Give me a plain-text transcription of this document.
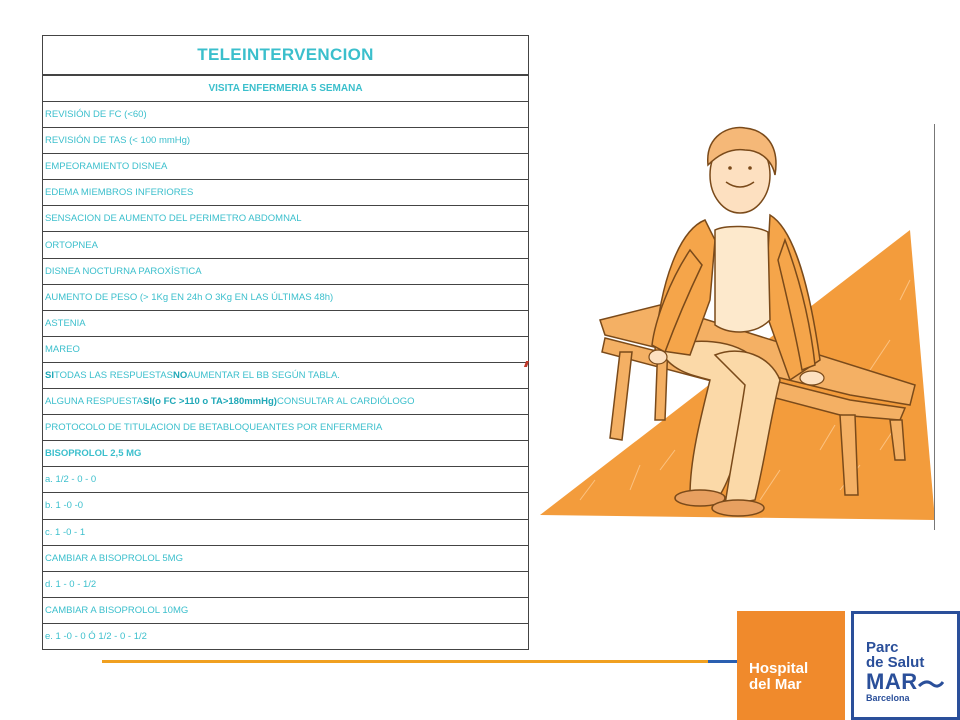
TELEINTERVENCION
VISITA ENFERMERIA 5 SEMANA
REVISIÓN DE FC (<60)
REVISIÓN DE TAS (< 100 mmHg)
EMPEORAMIENTO DISNEA
EDEMA MIEMBROS INFERIORES
SENSACION DE AUMENTO DEL PERIMETRO ABDOMNAL
ORTOPNEA
DISNEA NOCTURNA PAROXÍSTICA
AUMENTO DE PESO (> 1Kg EN 24h O 3Kg EN LAS ÚLTIMAS 48h)
ASTENIA
MAREO
SI TODAS LAS RESPUESTAS NO AUMENTAR EL BB SEGÚN TABLA.
ALGUNA RESPUESTA SI(o FC >110 o TA>180mmHg) CONSULTAR AL CARDIÓLOGO
PROTOCOLO DE TITULACION DE BETABLOQUEANTES POR ENFERMERIA
BISOPROLOL 2,5 MG
a. 1/2 - 0 - 0
b. 1 -0 -0
c. 1 -0 - 1
CAMBIAR A BISOPROLOL 5MG
d. 1 - 0 - 1/2
CAMBIAR A BISOPROLOL 10MG
e. 1 -0 - 0 Ó 1/2 - 0 - 1/2
Hospital
del Mar
Parc
de Salut
MAR
Barcelona
